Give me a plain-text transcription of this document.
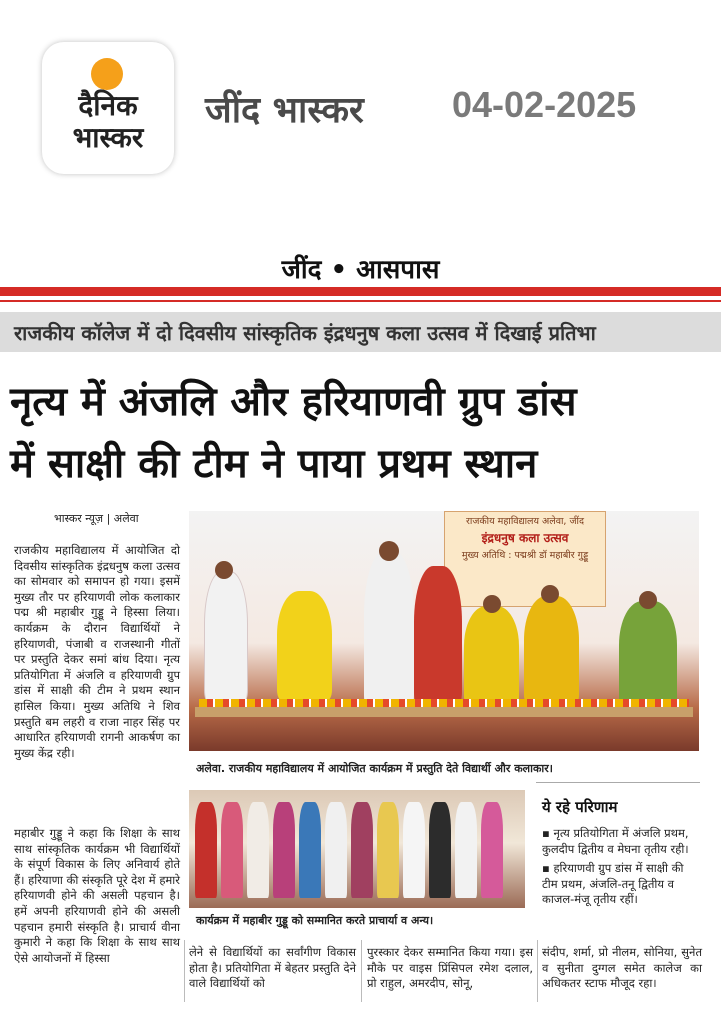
दैनिक
भास्कर
जींद भास्कर 04-02-2025
जींद • आसपास
राजकीय कॉलेज में दो दिवसीय सांस्कृतिक इंद्रधनुष कला उत्सव में दिखाई प्रतिभा
नृत्य में अंजलि और हरियाणवी ग्रुप डांस
में साक्षी की टीम ने पाया प्रथम स्थान
भास्कर न्यूज़ | अलेवा

राजकीय महाविद्यालय में आयोजित दो दिवसीय सांस्कृतिक इंद्रधनुष कला उत्सव का सोमवार को समापन हो गया। इसमें मुख्य तौर पर हरियाणवी लोक कलाकार पद्म श्री महाबीर गुड्डू ने हिस्सा लिया। कार्यक्रम के दौरान विद्यार्थियों ने हरियाणवी, पंजाबी व राजस्थानी गीतों पर प्रस्तुति देकर समां बांध दिया। नृत्य प्रतियोगिता में अंजलि व हरियाणवी ग्रुप डांस में साक्षी की टीम ने प्रथम स्थान हासिल किया। मुख्य अतिथि ने शिव प्रस्तुति बम लहरी व राजा नाहर सिंह पर आधारित हरियाणवी रागनी आकर्षण का मुख्य केंद्र रही।

महाबीर गुड्डू ने कहा कि शिक्षा के साथ साथ सांस्कृतिक कार्यक्रम भी विद्यार्थियों के संपूर्ण विकास के लिए अनिवार्य होते हैं। हरियाणा की संस्कृति पूरे देश में हमारे हरियाणवी होने की असली पहचान है। हमें अपनी हरियाणवी होने की असली पहचान हमारी संस्कृति है। प्राचार्य वीना कुमारी ने कहा कि शिक्षा के साथ साथ ऐसे आयोजनों में हिस्सा

राजकीय महाविद्यालय अलेवा, जींद
इंद्रधनुष कला उत्सव
मुख्य अतिथि : पद्मश्री डॉ महाबीर गुड्डू
अलेवा. राजकीय महाविद्यालय में आयोजित कार्यक्रम में प्रस्तुति देते विद्यार्थी और कलाकार।
कार्यक्रम में महाबीर गुड्डू को सम्मानित करते प्राचार्या व अन्य।
ये रहे परिणाम
▪ नृत्य प्रतियोगिता में अंजलि प्रथम, कुलदीप द्वितीय व मेघना तृतीय रही।
▪ हरियाणवी ग्रुप डांस में साक्षी की टीम प्रथम, अंजलि-तनू द्वितीय व काजल-मंजू तृतीय रहीं।

लेने से विद्यार्थियों का सर्वांगीण विकास होता है। प्रतियोगिता में बेहतर प्रस्तुति देने वाले विद्यार्थियों को

पुरस्कार देकर सम्मानित किया गया। इस मौके पर वाइस प्रिंसिपल रमेश दलाल, प्रो राहुल, अमरदीप, सोनू,

संदीप, शर्मा, प्रो नीलम, सोनिया, सुनेत व सुनीता दुग्गल समेत कालेज का अधिकतर स्टाफ मौजूद रहा।
